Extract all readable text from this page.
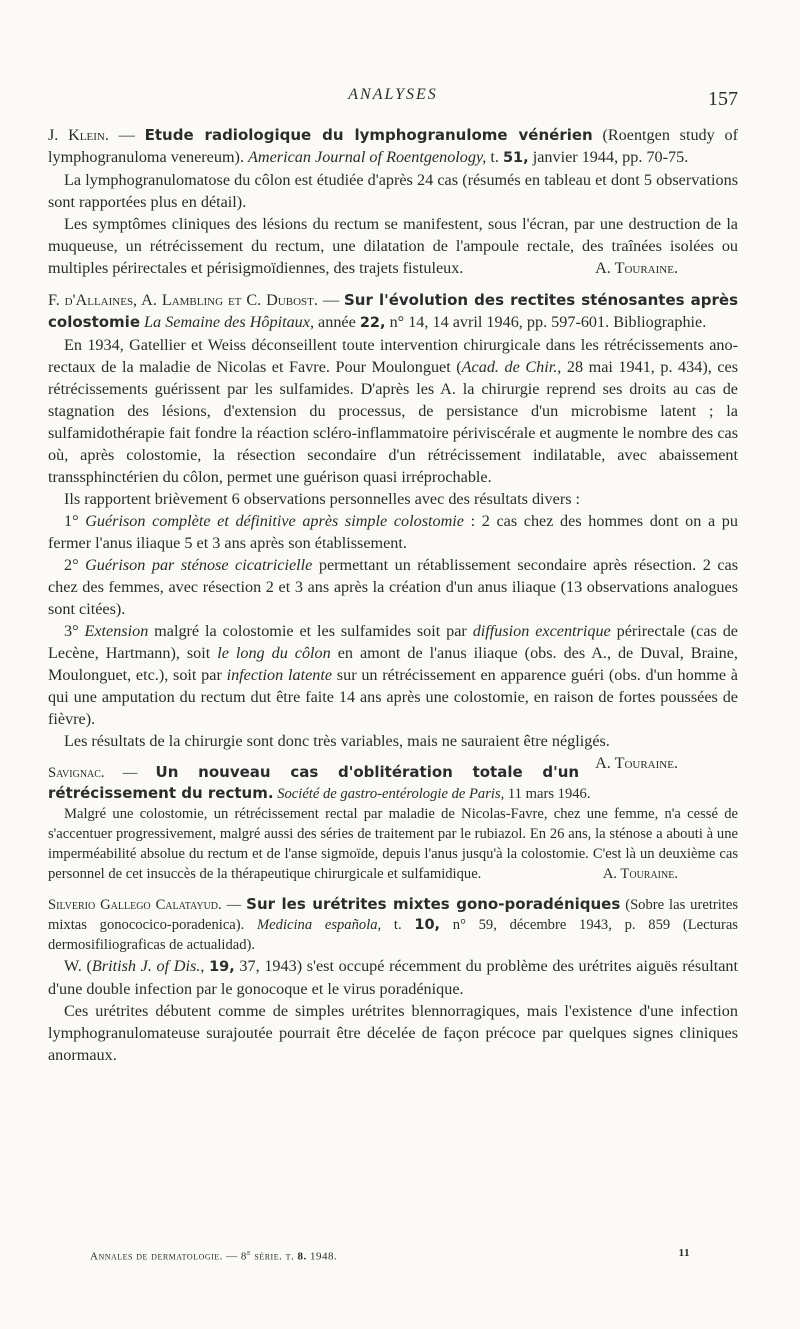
ANALYSES	157

J. Klein. — Etude radiologique du lymphogranulome vénérien (Roentgen study of lymphogranuloma venereum). American Journal of Roentgenology, t. 51, janvier 1944, pp. 70-75.

La lymphogranulomatose du côlon est étudiée d'après 24 cas (résumés en tableau et dont 5 observations sont rapportées plus en détail).

Les symptômes cliniques des lésions du rectum se manifestent, sous l'écran, par une destruction de la muqueuse, un rétrécissement du rectum, une dilatation de l'ampoule rectale, des traînées isolées ou multiples périrectales et périsigmoïdiennes, des trajets fistuleux.	A. Touraine.

F. d'Allaines, A. Lambling et C. Dubost. — Sur l'évolution des rectites sténosantes après colostomie La Semaine des Hôpitaux, année 22, n° 14, 14 avril 1946, pp. 597-601. Bibliographie.

En 1934, Gatellier et Weiss déconseillent toute intervention chirurgicale dans les rétrécissements ano-rectaux de la maladie de Nicolas et Favre. Pour Moulonguet (Acad. de Chir., 28 mai 1941, p. 434), ces rétrécissements guérissent par les sulfamides. D'après les A. la chirurgie reprend ses droits au cas de stagnation des lésions, d'extension du processus, de persistance d'un microbisme latent ; la sulfamidothérapie fait fondre la réaction scléro-inflammatoire périviscérale et augmente le nombre des cas où, après colostomie, la résection secondaire d'un rétrécissement indilatable, avec abaissement transsphinctérien du côlon, permet une guérison quasi irréprochable.

Ils rapportent brièvement 6 observations personnelles avec des résultats divers :

1° Guérison complète et définitive après simple colostomie : 2 cas chez des hommes dont on a pu fermer l'anus iliaque 5 et 3 ans après son établissement.

2° Guérison par sténose cicatricielle permettant un rétablissement secondaire après résection. 2 cas chez des femmes, avec résection 2 et 3 ans après la création d'un anus iliaque (13 observations analogues sont citées).

3° Extension malgré la colostomie et les sulfamides soit par diffusion excentrique périrectale (cas de Lecène, Hartmann), soit le long du côlon en amont de l'anus iliaque (obs. des A., de Duval, Braine, Moulonguet, etc.), soit par infection latente sur un rétrécissement en apparence guéri (obs. d'un homme à qui une amputation du rectum dut être faite 14 ans après une colostomie, en raison de fortes poussées de fièvre).

Les résultats de la chirurgie sont donc très variables, mais ne sauraient être négligés.
A. Touraine.

Savignac. — Un nouveau cas d'oblitération totale d'un rétrécissement du rectum. Société de gastro-entérologie de Paris, 11 mars 1946.

Malgré une colostomie, un rétrécissement rectal par maladie de Nicolas-Favre, chez une femme, n'a cessé de s'accentuer progressivement, malgré aussi des séries de traitement par le rubiazol. En 26 ans, la sténose a abouti à une imperméabilité absolue du rectum et de l'anse sigmoïde, depuis l'anus jusqu'à la colostomie. C'est là un deuxième cas personnel de cet insuccès de la thérapeutique chirurgicale et sulfamidique.	A. Touraine.

Silverio Gallego Calatayud. — Sur les urétrites mixtes gono-poradéniques (Sobre las uretrites mixtas gonococico-poradenica). Medicina española, t. 10, n° 59, décembre 1943, p. 859 (Lecturas dermosifiliograficas de actualidad).

W. (British J. of Dis., 19, 37, 1943) s'est occupé récemment du problème des urétrites aiguës résultant d'une double infection par le gonocoque et le virus poradénique.

Ces urétrites débutent comme de simples urétrites blennorragiques, mais l'existence d'une infection lymphogranulomateuse surajoutée pourrait être décelée de façon précoce par quelques signes cliniques anormaux.

Annales de dermatologie. — 8e série. t. 8. 1948.	11
